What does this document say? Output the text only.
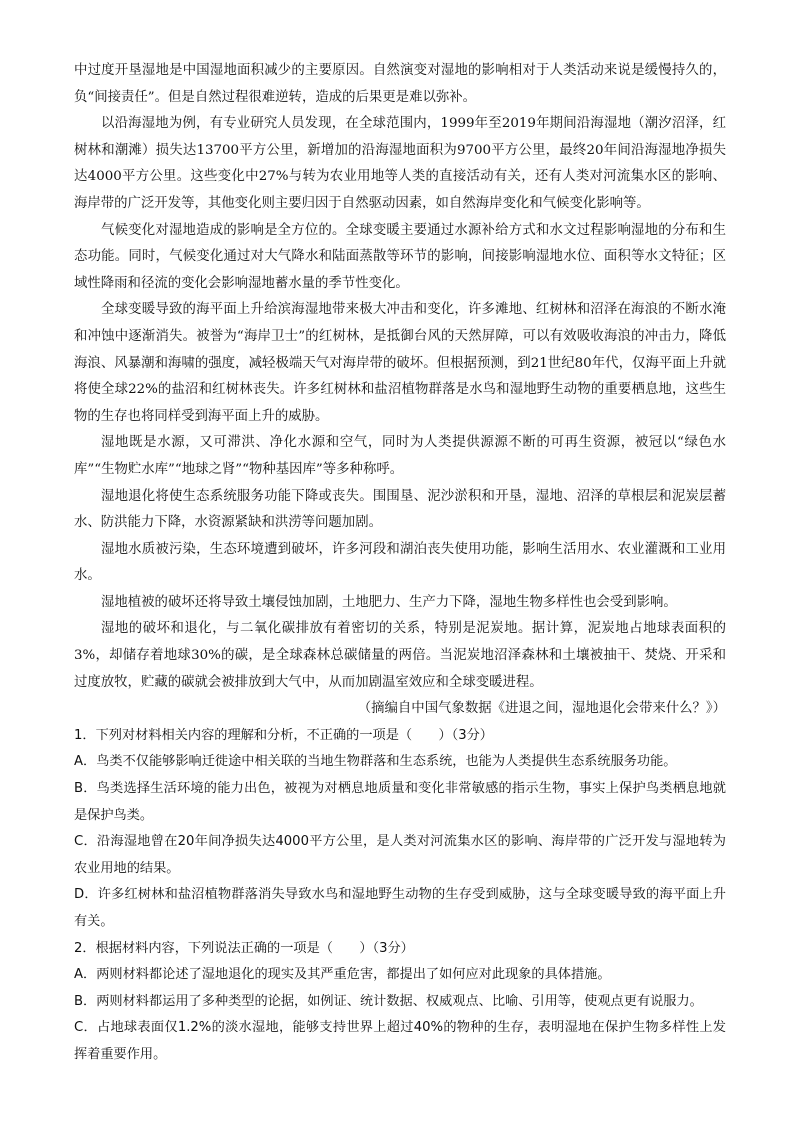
中过度开垦湿地是中国湿地面积减少的主要原因。自然演变对湿地的影响相对于人类活动来说是缓慢持久的，负“间接责任”。但是自然过程很难逆转，造成的后果更是难以弥补。

以沿海湿地为例，有专业研究人员发现，在全球范围内，1999年至2019年期间沿海湿地（潮汐沼泽，红树林和潮滩）损失达13700平方公里，新增加的沿海湿地面积为9700平方公里，最终20年间沿海湿地净损失达4000平方公里。这些变化中27%与转为农业用地等人类的直接活动有关，还有人类对河流集水区的影响、海岸带的广泛开发等，其他变化则主要归因于自然驱动因素，如自然海岸变化和气候变化影响等。

气候变化对湿地造成的影响是全方位的。全球变暖主要通过水源补给方式和水文过程影响湿地的分布和生态功能。同时，气候变化通过对大气降水和陆面蒸散等环节的影响，间接影响湿地水位、面积等水文特征；区域性降雨和径流的变化会影响湿地蓄水量的季节性变化。

全球变暖导致的海平面上升给滨海湿地带来极大冲击和变化，许多滩地、红树林和沼泽在海浪的不断水淹和冲蚀中逐渐消失。被誉为“海岸卫士”的红树林，是抵御台风的天然屏障，可以有效吸收海浪的冲击力，降低海浪、风暴潮和海啸的强度，减轻极端天气对海岸带的破坏。但根据预测，到21世纪80年代，仅海平面上升就将使全球22%的盐沼和红树林丧失。许多红树林和盐沼植物群落是水鸟和湿地野生动物的重要栖息地，这些生物的生存也将同样受到海平面上升的威胁。

湿地既是水源，又可滞洪、净化水源和空气，同时为人类提供源源不断的可再生资源，被冠以“绿色水库”“生物贮水库”“地球之肾”“物种基因库”等多种称呼。

湿地退化将使生态系统服务功能下降或丧失。围围垦、泥沙淤积和开垦，湿地、沼泽的草根层和泥炭层蓄水、防洪能力下降，水资源紧缺和洪涝等问题加剧。

湿地水质被污染，生态环境遭到破坏，许多河段和湖泊丧失使用功能，影响生活用水、农业灌溉和工业用水。

湿地植被的破坏还将导致土壤侵蚀加剧，土地肥力、生产力下降，湿地生物多样性也会受到影响。

湿地的破坏和退化，与二氧化碳排放有着密切的关系，特别是泥炭地。据计算，泥炭地占地球表面积的3%，却储存着地球30%的碳，是全球森林总碳储量的两倍。当泥炭地沼泽森林和土壤被抽干、焚烧、开采和过度放牧，贮藏的碳就会被排放到大气中，从而加剧温室效应和全球变暖进程。

（摘编自中国气象数据《进退之间，湿地退化会带来什么？》）

1．下列对材料相关内容的理解和分析，不正确的一项是（　　）（3分）

A．鸟类不仅能够影响迁徙途中相关联的当地生物群落和生态系统，也能为人类提供生态系统服务功能。

B．鸟类选择生活环境的能力出色，被视为对栖息地质量和变化非常敏感的指示生物，事实上保护鸟类栖息地就是保护鸟类。

C．沿海湿地曾在20年间净损失达4000平方公里，是人类对河流集水区的影响、海岸带的广泛开发与湿地转为农业用地的结果。

D．许多红树林和盐沼植物群落消失导致水鸟和湿地野生动物的生存受到威胁，这与全球变暖导致的海平面上升有关。

2．根据材料内容，下列说法正确的一项是（　　）（3分）

A．两则材料都论述了湿地退化的现实及其严重危害，都提出了如何应对此现象的具体措施。

B．两则材料都运用了多种类型的论据，如例证、统计数据、权威观点、比喻、引用等，使观点更有说服力。

C．占地球表面仅1.2%的淡水湿地，能够支持世界上超过40%的物种的生存，表明湿地在保护生物多样性上发挥着重要作用。
